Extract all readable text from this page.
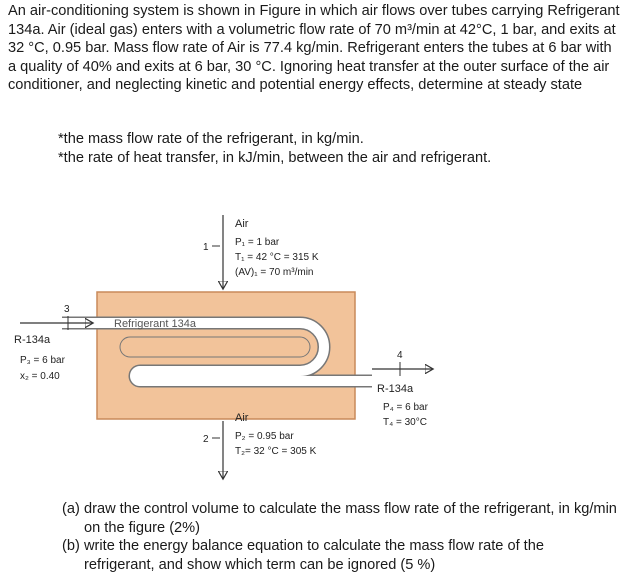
An air-conditioning system is shown in Figure in which air flows over tubes carrying Refrigerant 134a. Air (ideal gas) enters with a volumetric flow rate of 70 m³/min at 42°C, 1 bar, and exits at 32 °C, 0.95 bar. Mass flow rate of Air is 77.4 kg/min. Refrigerant enters the tubes at 6 bar with a quality of 40% and exits at 6 bar, 30 °C. Ignoring heat transfer at the outer surface of the air conditioner, and neglecting kinetic and potential energy effects, determine at steady state
*the mass flow rate of the refrigerant, in kg/min.
*the rate of heat transfer, in kJ/min, between the air and refrigerant.
1
Air
P₁ = 1 bar
T₁ = 42 °C = 315 K
(AV)₁ = 70 m³/min
3
Refrigerant 134a
R-134a
P₃ = 6 bar
x₂ = 0.40
4
R-134a
P₄ = 6 bar
T₄ = 30°C
2
Air
P₂ = 0.95 bar
T₂= 32 °C = 305 K
(a) draw the control volume to calculate the mass flow rate of the refrigerant, in kg/min on the figure (2%)
(b) write the energy balance equation to calculate the mass flow rate of the refrigerant, and show which term can be ignored (5 %)
